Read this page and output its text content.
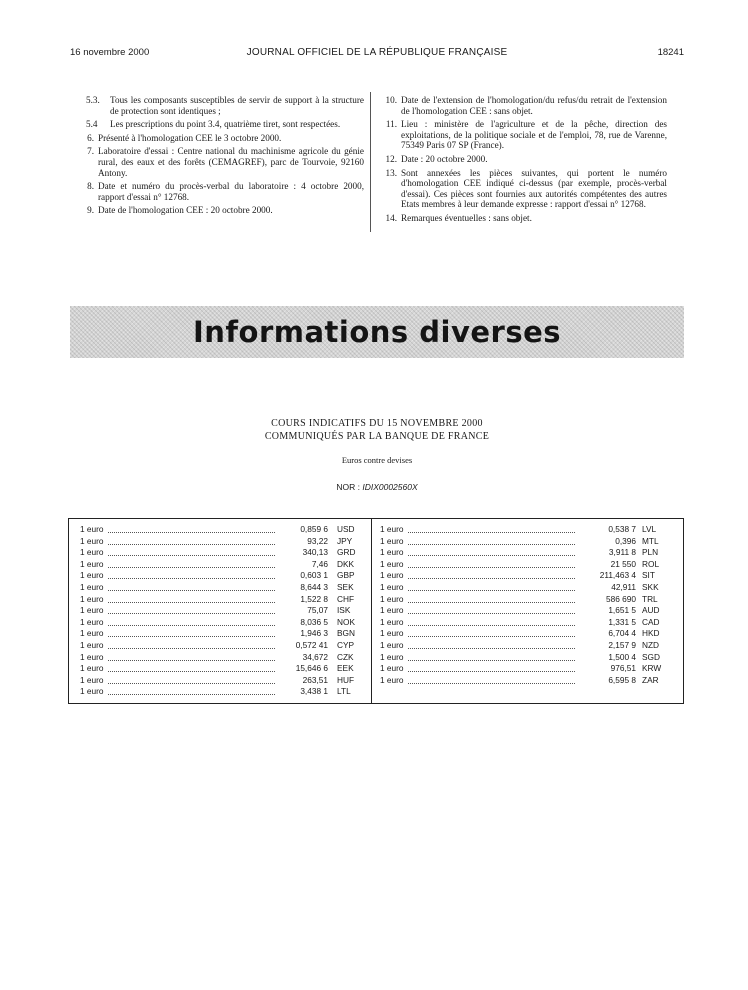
16 novembre 2000	JOURNAL OFFICIEL DE LA RÉPUBLIQUE FRANÇAISE	18241
5.3.	Tous les composants susceptibles de servir de support à la structure de protection sont identiques ;
5.4	Les prescriptions du point 3.4, quatrième tiret, sont respectées.
6. Présenté à l'homologation CEE le 3 octobre 2000.
7. Laboratoire d'essai : Centre national du machinisme agricole du génie rural, des eaux et des forêts (CEMAGREF), parc de Tourvoie, 92160 Antony.
8. Date et numéro du procès-verbal du laboratoire : 4 octobre 2000, rapport d'essai n° 12768.
9. Date de l'homologation CEE : 20 octobre 2000.
10. Date de l'extension de l'homologation/du refus/du retrait de l'extension de l'homologation CEE : sans objet.
11. Lieu : ministère de l'agriculture et de la pêche, direction des exploitations, de la politique sociale et de l'emploi, 78, rue de Varenne, 75349 Paris 07 SP (France).
12. Date : 20 octobre 2000.
13. Sont annexées les pièces suivantes, qui portent le numéro d'homologation CEE indiqué ci-dessus (par exemple, procès-verbal d'essai). Ces pièces sont fournies aux autorités compétentes des autres Etats membres à leur demande expresse : rapport d'essai n° 12768.
14. Remarques éventuelles : sans objet.
Informations diverses
COURS INDICATIFS DU 15 NOVEMBRE 2000
COMMUNIQUÉS PAR LA BANQUE DE FRANCE
Euros contre devises
NOR : IDIX0002560X
1 euro	0,859 6 USD
1 euro	93,22 JPY
1 euro	340,13 GRD
1 euro	7,46 DKK
1 euro	0,603 1 GBP
1 euro	8,644 3 SEK
1 euro	1,522 8 CHF
1 euro	75,07 ISK
1 euro	8,036 5 NOK
1 euro	1,946 3 BGN
1 euro	0,572 41 CYP
1 euro	34,672 CZK
1 euro	15,646 6 EEK
1 euro	263,51 HUF
1 euro	3,438 1 LTL
1 euro	0,538 7 LVL
1 euro	0,396 MTL
1 euro	3,911 8 PLN
1 euro	21 550 ROL
1 euro	211,463 4 SIT
1 euro	42,911 SKK
1 euro	586 690 TRL
1 euro	1,651 5 AUD
1 euro	1,331 5 CAD
1 euro	6,704 4 HKD
1 euro	2,157 9 NZD
1 euro	1,500 4 SGD
1 euro	976,51 KRW
1 euro	6,595 8 ZAR
